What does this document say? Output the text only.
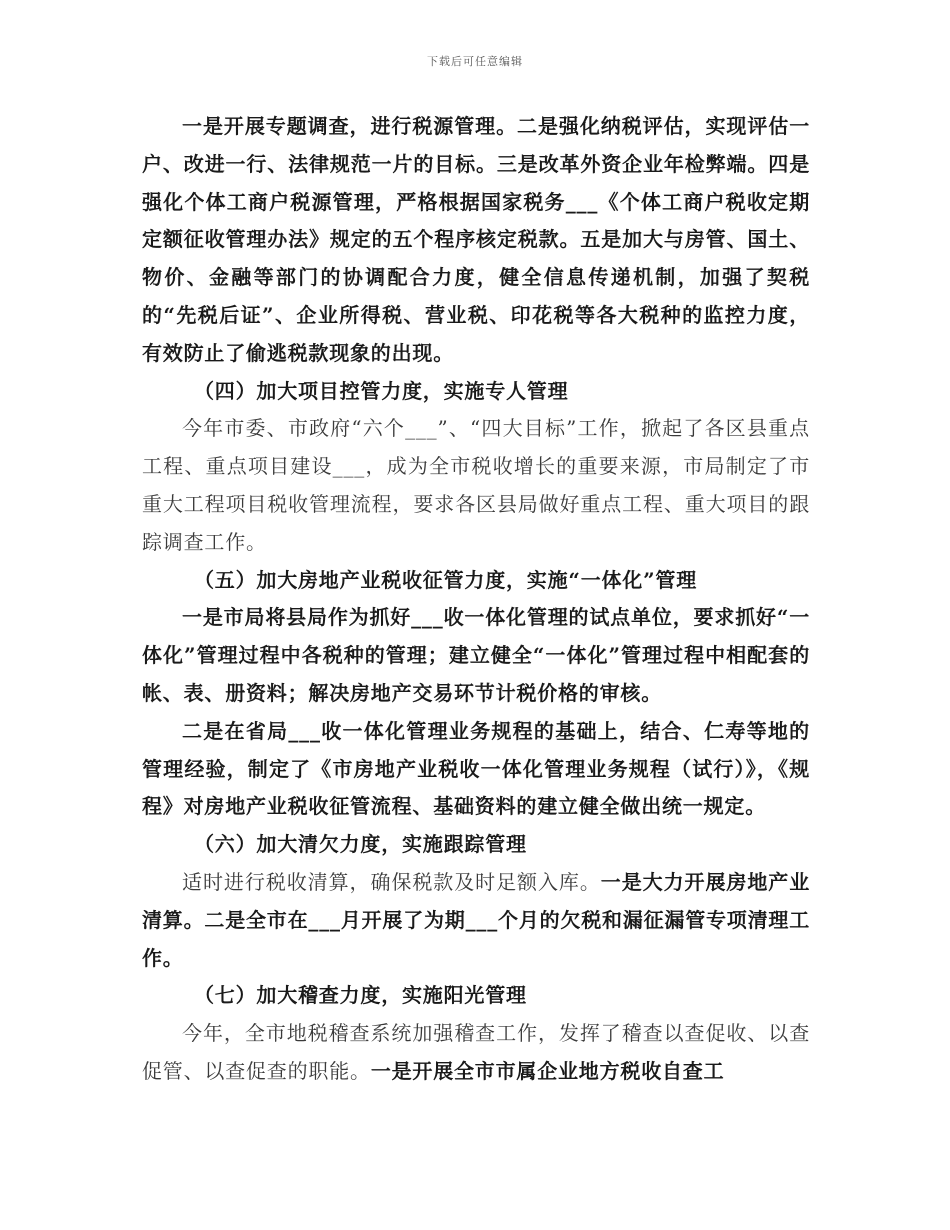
下载后可任意编辑

一是开展专题调查，进行税源管理。二是强化纳税评估，实现评估一户、改进一行、法律规范一片的目标。三是改革外资企业年检弊端。四是强化个体工商户税源管理，严格根据国家税务___《个体工商户税收定期定额征收管理办法》规定的五个程序核定税款。五是加大与房管、国土、物价、金融等部门的协调配合力度，健全信息传递机制，加强了契税的“先税后证”、企业所得税、营业税、印花税等各大税种的监控力度，有效防止了偷逃税款现象的出现。

（四）加大项目控管力度，实施专人管理

今年市委、市政府“六个___”、“四大目标”工作，掀起了各区县重点工程、重点项目建设___，成为全市税收增长的重要来源，市局制定了市重大工程项目税收管理流程，要求各区县局做好重点工程、重大项目的跟踪调查工作。

（五）加大房地产业税收征管力度，实施“一体化”管理

一是市局将县局作为抓好___收一体化管理的试点单位，要求抓好“一体化”管理过程中各税种的管理；建立健全“一体化”管理过程中相配套的帐、表、册资料；解决房地产交易环节计税价格的审核。

二是在省局___收一体化管理业务规程的基础上，结合、仁寿等地的管理经验，制定了《市房地产业税收一体化管理业务规程（试行）》，《规程》对房地产业税收征管流程、基础资料的建立健全做出统一规定。

（六）加大清欠力度，实施跟踪管理

适时进行税收清算，确保税款及时足额入库。一是大力开展房地产业清算。二是全市在___月开展了为期___个月的欠税和漏征漏管专项清理工作。

（七）加大稽查力度，实施阳光管理

今年，全市地税稽查系统加强稽查工作，发挥了稽查以查促收、以查促管、以查促查的职能。一是开展全市市属企业地方税收自查工
